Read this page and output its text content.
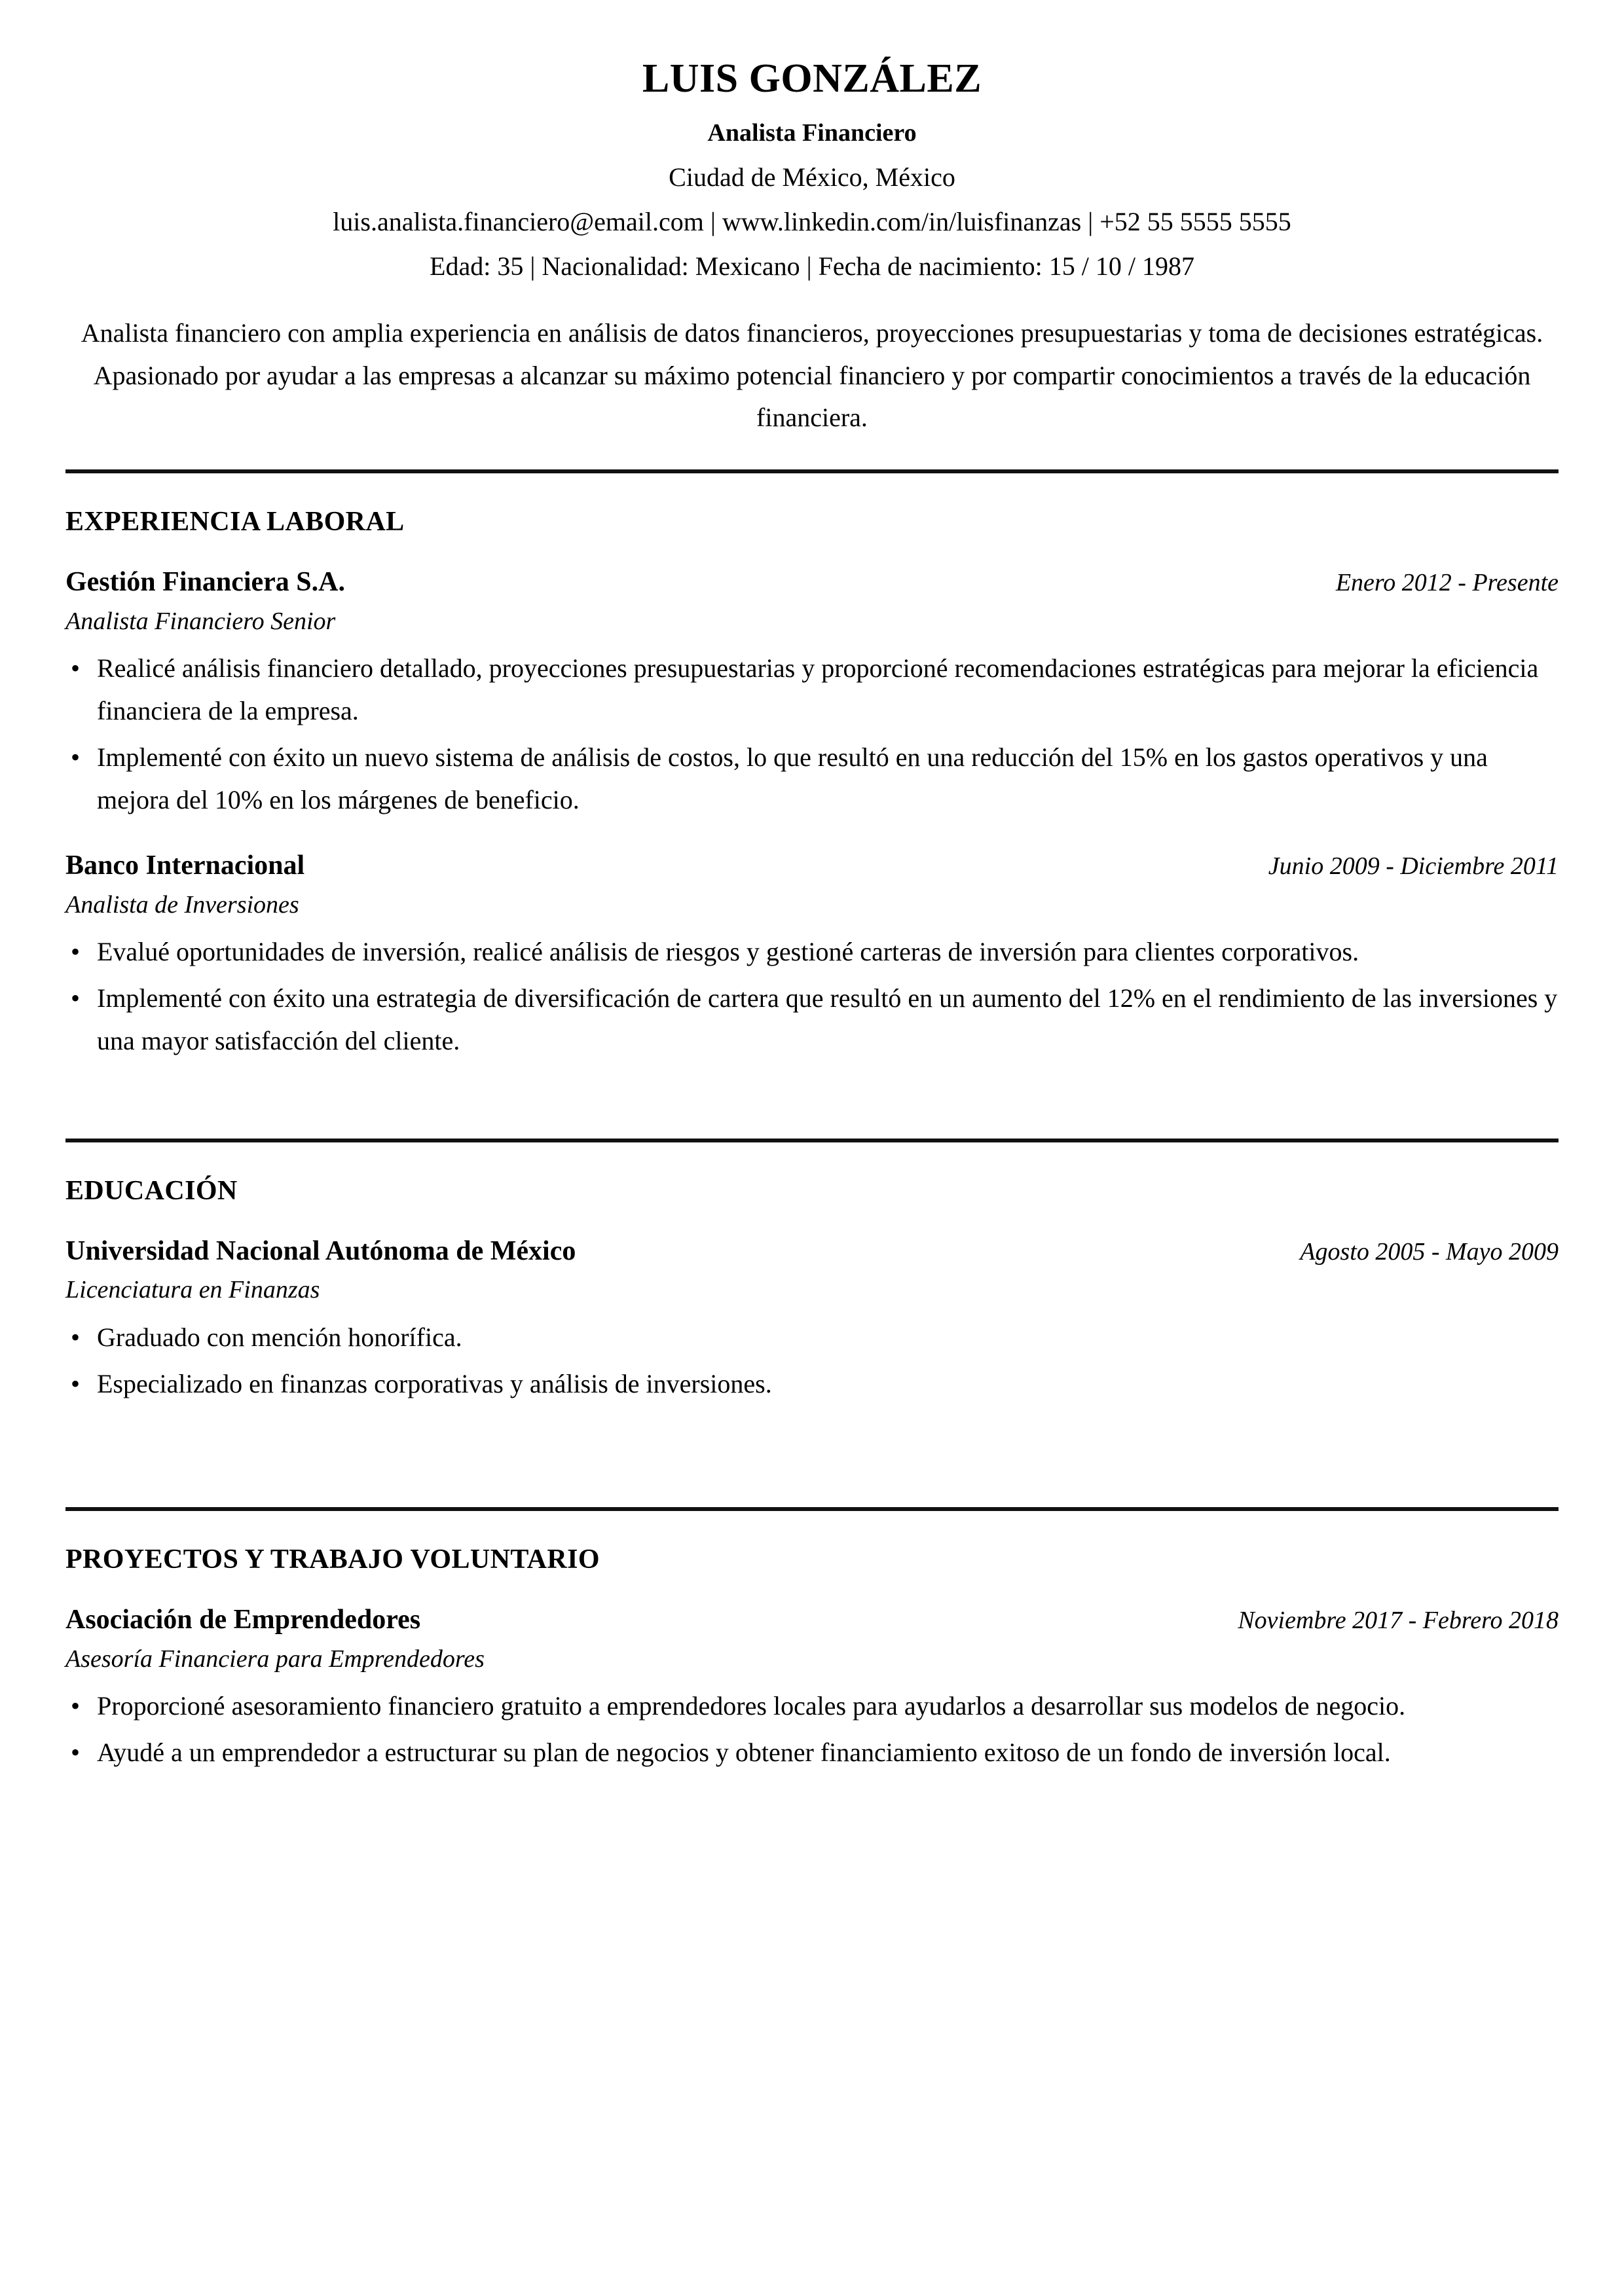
LUIS GONZÁLEZ
Analista Financiero
Ciudad de México, México
luis.analista.financiero@email.com | www.linkedin.com/in/luisfinanzas | +52 55 5555 5555
Edad: 35 | Nacionalidad: Mexicano | Fecha de nacimiento: 15 / 10 / 1987

Analista financiero con amplia experiencia en análisis de datos financieros, proyecciones presupuestarias y toma de decisiones estratégicas. Apasionado por ayudar a las empresas a alcanzar su máximo potencial financiero y por compartir conocimientos a través de la educación financiera.

EXPERIENCIA LABORAL
Gestión Financiera S.A.	Enero 2012 - Presente
Analista Financiero Senior
• Realicé análisis financiero detallado, proyecciones presupuestarias y proporcioné recomendaciones estratégicas para mejorar la eficiencia financiera de la empresa.
• Implementé con éxito un nuevo sistema de análisis de costos, lo que resultó en una reducción del 15% en los gastos operativos y una mejora del 10% en los márgenes de beneficio.
Banco Internacional	Junio 2009 - Diciembre 2011
Analista de Inversiones
• Evalué oportunidades de inversión, realicé análisis de riesgos y gestioné carteras de inversión para clientes corporativos.
• Implementé con éxito una estrategia de diversificación de cartera que resultó en un aumento del 12% en el rendimiento de las inversiones y una mayor satisfacción del cliente.
EDUCACIÓN
Universidad Nacional Autónoma de México	Agosto 2005 - Mayo 2009
Licenciatura en Finanzas
• Graduado con mención honorífica.
• Especializado en finanzas corporativas y análisis de inversiones.
PROYECTOS Y TRABAJO VOLUNTARIO
Asociación de Emprendedores	Noviembre 2017 - Febrero 2018
Asesoría Financiera para Emprendedores
• Proporcioné asesoramiento financiero gratuito a emprendedores locales para ayudarlos a desarrollar sus modelos de negocio.
• Ayudé a un emprendedor a estructurar su plan de negocios y obtener financiamiento exitoso de un fondo de inversión local.
